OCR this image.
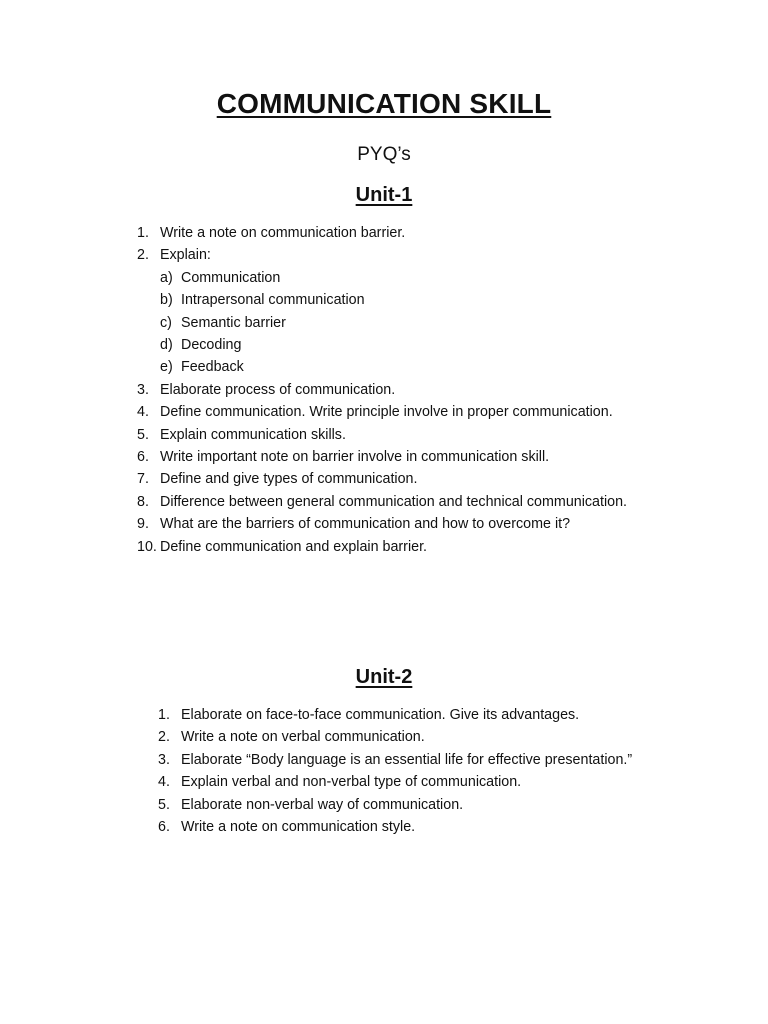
COMMUNICATION SKILL
PYQ’s
Unit-1
1. Write a note on communication barrier.
2. Explain:
a) Communication
b) Intrapersonal communication
c) Semantic barrier
d) Decoding
e) Feedback
3. Elaborate process of communication.
4. Define communication. Write principle involve in proper communication.
5. Explain communication skills.
6. Write important note on barrier involve in communication skill.
7. Define and give types of communication.
8. Difference between general communication and technical communication.
9. What are the barriers of communication and how to overcome it?
10. Define communication and explain barrier.
Unit-2
1. Elaborate on face-to-face communication. Give its advantages.
2. Write a note on verbal communication.
3. Elaborate “Body language is an essential life for effective presentation.”
4. Explain verbal and non-verbal type of communication.
5. Elaborate non-verbal way of communication.
6. Write a note on communication style.
